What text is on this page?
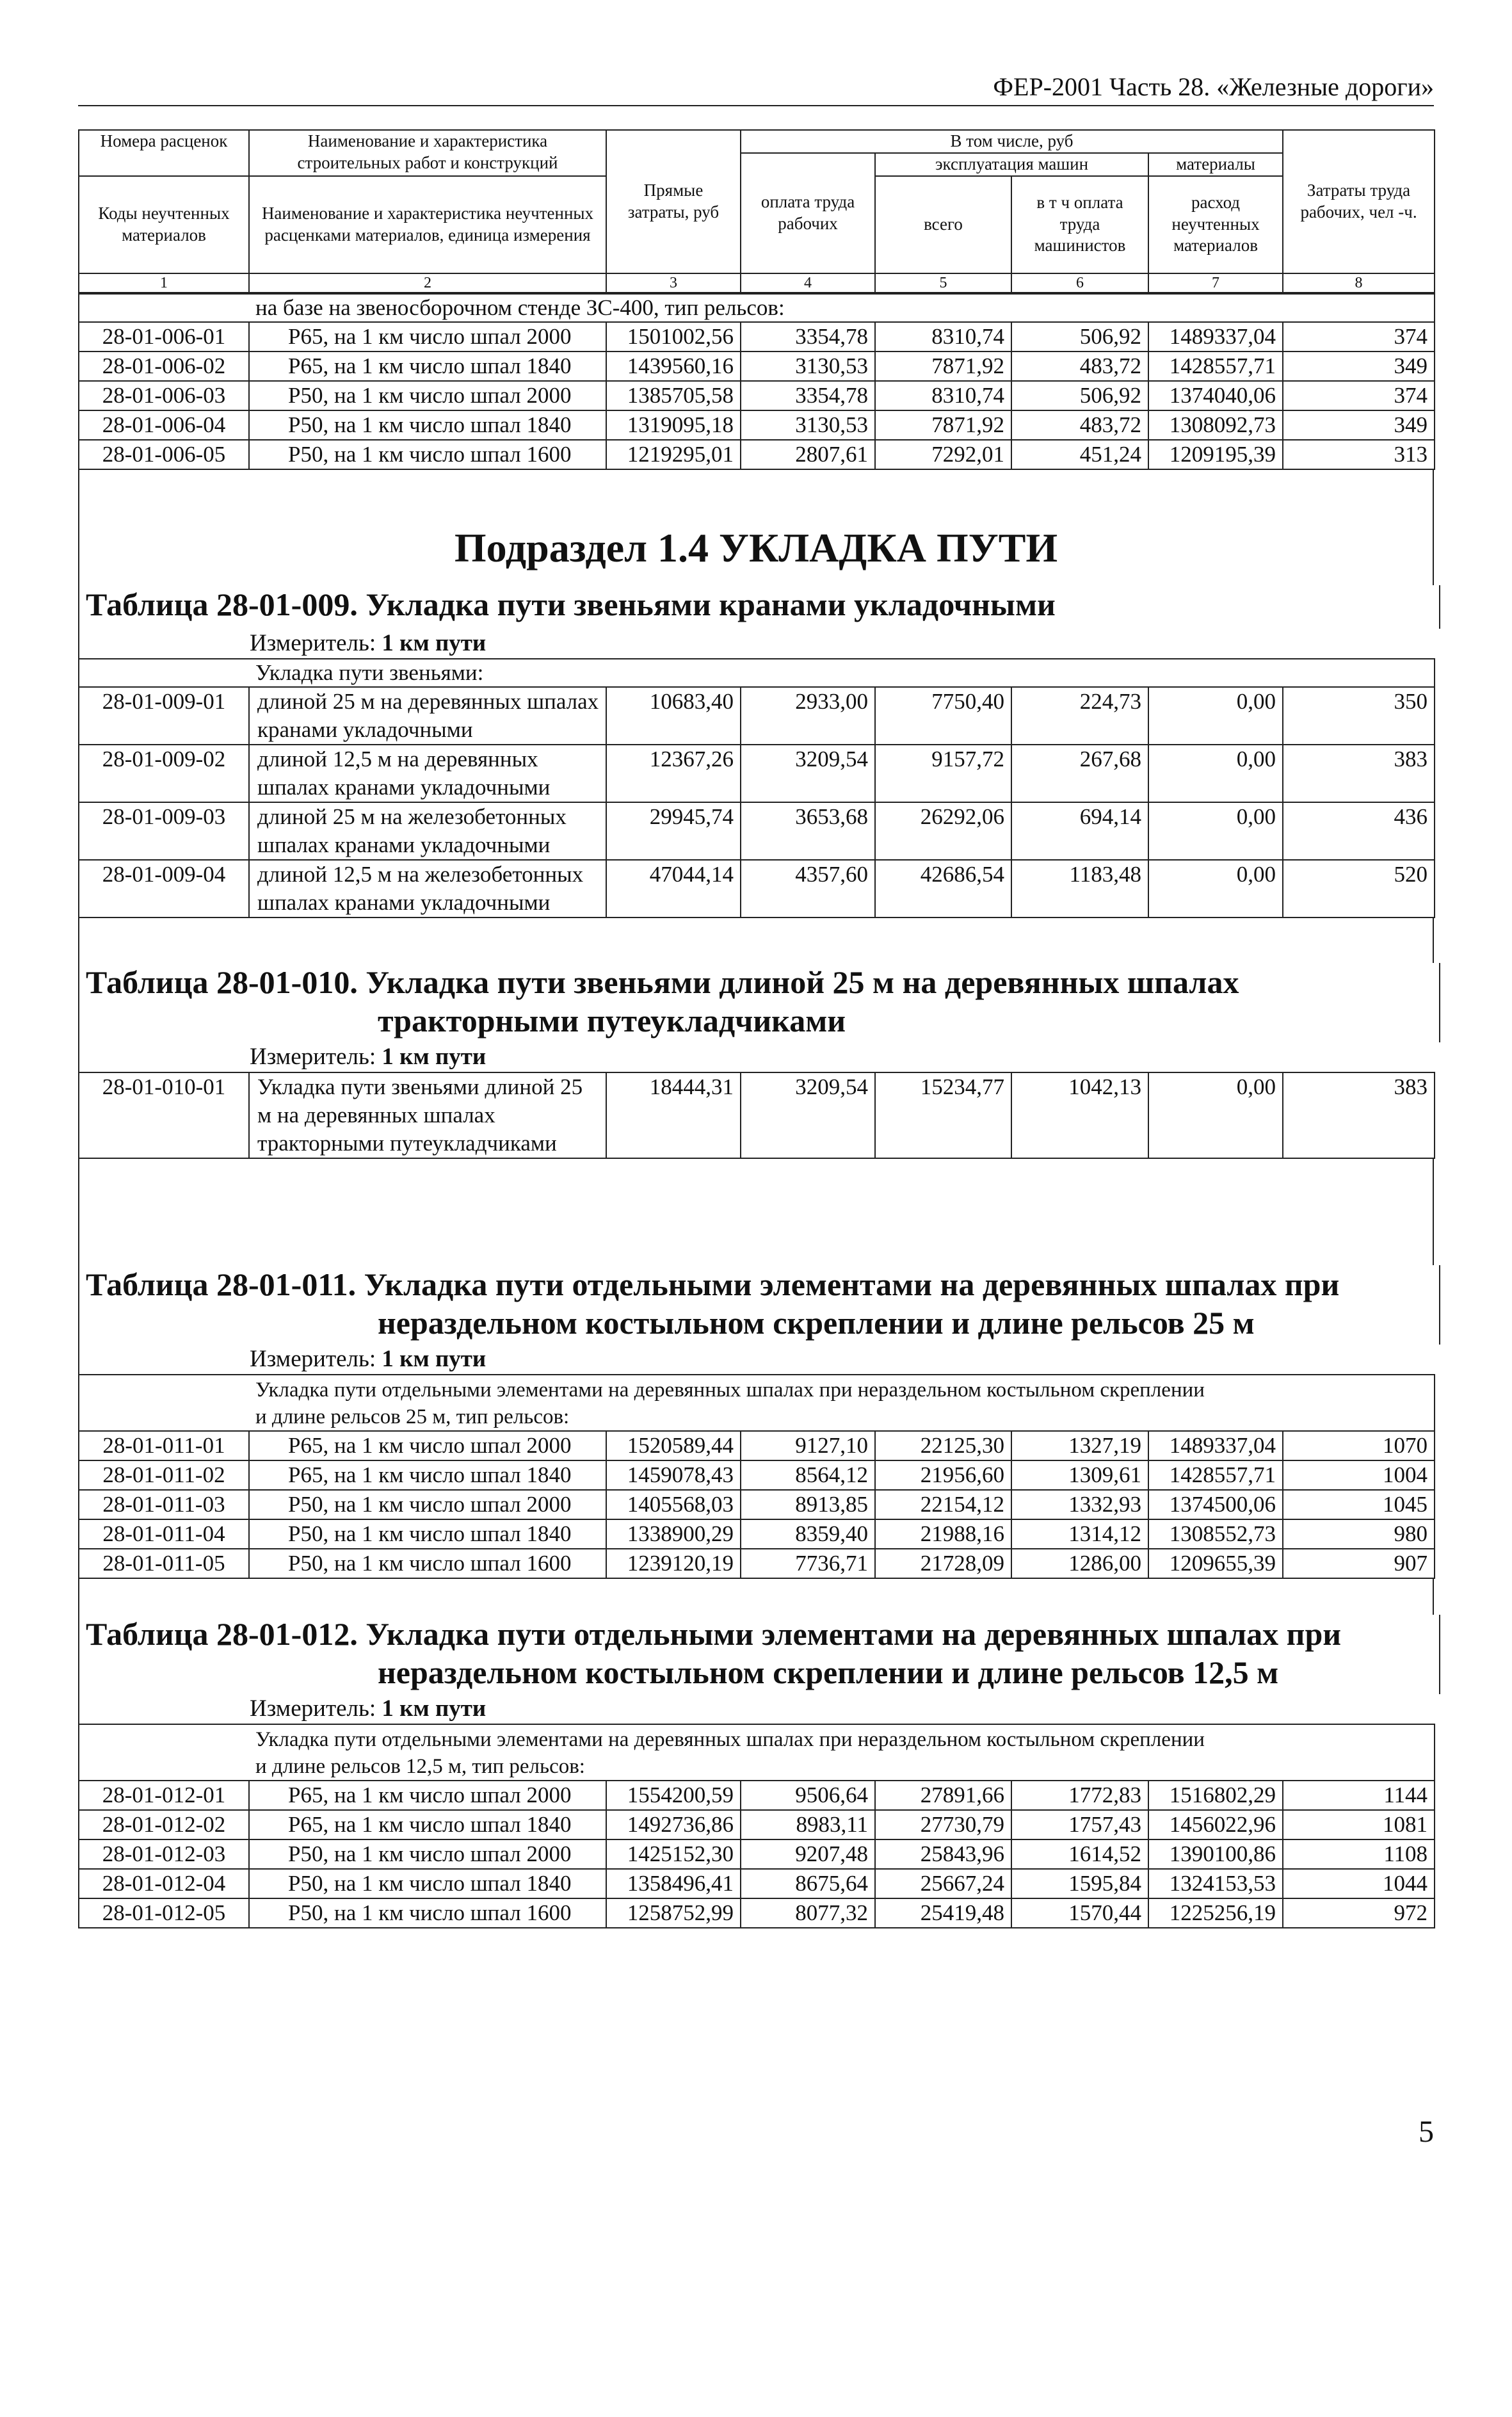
ФЕР-2001 Часть 28. «Железные дороги»
Номера расценок	Наименование и характеристика строительных работ и конструкций	Прямые затраты, руб	В том числе, руб				Затраты труда рабочих, чел -ч.
			оплата труда рабочих	эксплуатация машин		материалы	
Коды неучтенных материалов	Наименование и характеристика неучтенных расценками материалов, единица измерения			всего	в т ч оплата труда машинистов	расход неучтенных материалов	

1	2	3	4	5	6	7	8
	на базе на звеносборочном стенде ЗС-400, тип рельсов:						
28-01-006-01	Р65, на 1 км число шпал 2000	1501002,56	3354,78	8310,74	506,92	1489337,04	374
28-01-006-02	Р65, на 1 км число шпал 1840	1439560,16	3130,53	7871,92	483,72	1428557,71	349
28-01-006-03	Р50, на 1 км число шпал 2000	1385705,58	3354,78	8310,74	506,92	1374040,06	374
28-01-006-04	Р50, на 1 км число шпал 1840	1319095,18	3130,53	7871,92	483,72	1308092,73	349
28-01-006-05	Р50, на 1 км число шпал 1600	1219295,01	2807,61	7292,01	451,24	1209195,39	313
Подраздел 1.4 УКЛАДКА ПУТИ
Таблица 28-01-009. Укладка пути звеньями кранами укладочными
Измеритель: 1 км пути
	Укладка пути звеньями:						
28-01-009-01	длиной 25 м на деревянных шпалах кранами укладочными	10683,40	2933,00	7750,40	224,73	0,00	350
28-01-009-02	длиной 12,5 м на деревянных шпалах кранами укладочными	12367,26	3209,54	9157,72	267,68	0,00	383
28-01-009-03	длиной 25 м на железобетонных шпалах кранами укладочными	29945,74	3653,68	26292,06	694,14	0,00	436
28-01-009-04	длиной 12,5 м на железобетонных шпалах кранами укладочными	47044,14	4357,60	42686,54	1183,48	0,00	520
Таблица 28-01-010. Укладка пути звеньями длиной 25 м на деревянных шпалах
тракторными путеукладчиками
Измеритель: 1 км пути
28-01-010-01	Укладка пути звеньями длиной 25 м на деревянных шпалах тракторными путеукладчиками	18444,31	3209,54	15234,77	1042,13	0,00	383
Таблица 28-01-011. Укладка пути отдельными элементами на деревянных шпалах при
нераздельном костыльном скреплении и длине рельсов 25 м
Измеритель: 1 км пути
	Укладка пути отдельными элементами на деревянных шпалах при нераздельном костыльном скреплении
и длине рельсов 25 м, тип рельсов:						
28-01-011-01	Р65, на 1 км число шпал 2000	1520589,44	9127,10	22125,30	1327,19	1489337,04	1070
28-01-011-02	Р65, на 1 км число шпал 1840	1459078,43	8564,12	21956,60	1309,61	1428557,71	1004
28-01-011-03	Р50, на 1 км число шпал 2000	1405568,03	8913,85	22154,12	1332,93	1374500,06	1045
28-01-011-04	Р50, на 1 км число шпал 1840	1338900,29	8359,40	21988,16	1314,12	1308552,73	980
28-01-011-05	Р50, на 1 км число шпал 1600	1239120,19	7736,71	21728,09	1286,00	1209655,39	907
Таблица 28-01-012. Укладка пути отдельными элементами на деревянных шпалах при
нераздельном костыльном скреплении и длине рельсов 12,5 м
Измеритель: 1 км пути
	Укладка пути отдельными элементами на деревянных шпалах при нераздельном костыльном скреплении
и длине рельсов 12,5 м, тип рельсов:						
28-01-012-01	Р65, на 1 км число шпал 2000	1554200,59	9506,64	27891,66	1772,83	1516802,29	1144
28-01-012-02	Р65, на 1 км число шпал 1840	1492736,86	8983,11	27730,79	1757,43	1456022,96	1081
28-01-012-03	Р50, на 1 км число шпал 2000	1425152,30	9207,48	25843,96	1614,52	1390100,86	1108
28-01-012-04	Р50, на 1 км число шпал 1840	1358496,41	8675,64	25667,24	1595,84	1324153,53	1044
28-01-012-05	Р50, на 1 км число шпал 1600	1258752,99	8077,32	25419,48	1570,44	1225256,19	972
5
